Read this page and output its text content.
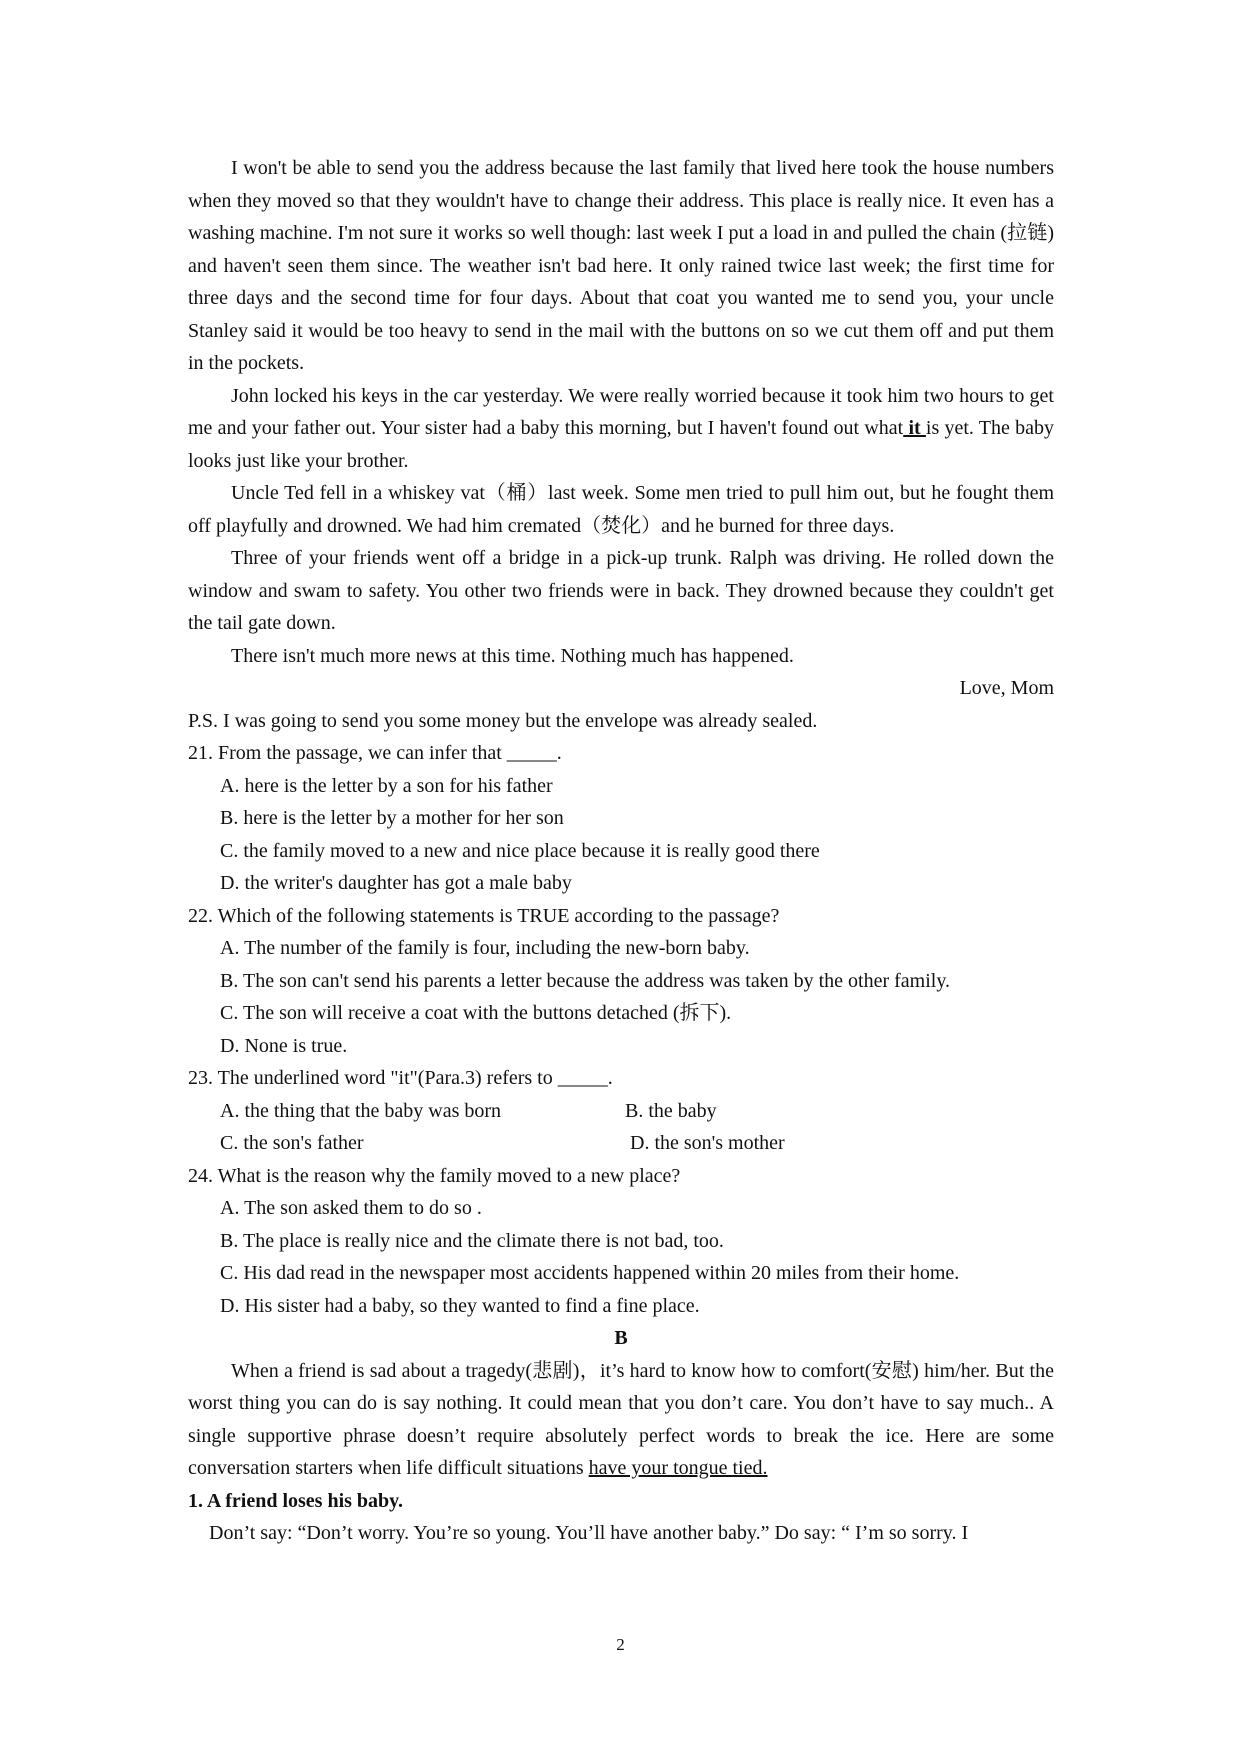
I won't be able to send you the address because the last family that lived here took the house numbers when they moved so that they wouldn't have to change their address. This place is really nice. It even has a washing machine. I'm not sure it works so well though: last week I put a load in and pulled the chain (拉链) and haven't seen them since. The weather isn't bad here. It only rained twice last week; the first time for three days and the second time for four days. About that coat you wanted me to send you, your uncle Stanley said it would be too heavy to send in the mail with the buttons on so we cut them off and put them in the pockets.

John locked his keys in the car yesterday. We were really worried because it took him two hours to get me and your father out. Your sister had a baby this morning, but I haven't found out what it is yet. The baby looks just like your brother.

Uncle Ted fell in a whiskey vat（桶）last week. Some men tried to pull him out, but he fought them off playfully and drowned. We had him cremated（焚化）and he burned for three days.

Three of your friends went off a bridge in a pick-up trunk. Ralph was driving. He rolled down the window and swam to safety. You other two friends were in back. They drowned because they couldn't get the tail gate down.

There isn't much more news at this time. Nothing much has happened.

Love, Mom

P.S. I was going to send you some money but the envelope was already sealed.

21. From the passage, we can infer that _____.

A. here is the letter by a son for his father

B. here is the letter by a mother for her son

C. the family moved to a new and nice place because it is really good there

D. the writer's daughter has got a male baby

22. Which of the following statements is TRUE according to the passage?

A. The number of the family is four, including the new-born baby.

B. The son can't send his parents a letter because the address was taken by the other family.

C. The son will receive a coat with the buttons detached (拆下).

D. None is true.

23. The underlined word "it"(Para.3) refers to _____.

A. the thing that the baby was born	B. the baby
C. the son's father	D. the son's mother

24. What is the reason why the family moved to a new place?

A. The son asked them to do so .

B. The place is really nice and the climate there is not bad, too.

C. His dad read in the newspaper most accidents happened within 20 miles from their home.

D. His sister had a baby, so they wanted to find a fine place.

B

When a friend is sad about a tragedy(悲剧)，it’s hard to know how to comfort(安慰) him/her. But the worst thing you can do is say nothing. It could mean that you don’t care. You don’t have to say much.. A single supportive phrase doesn’t require absolutely perfect words to break the ice. Here are some conversation starters when life difficult situations have your tongue tied.

1. A friend loses his baby.

Don’t say: “Don’t worry. You’re so young. You’ll have another baby.” Do say: “ I’m so sorry. I

2
